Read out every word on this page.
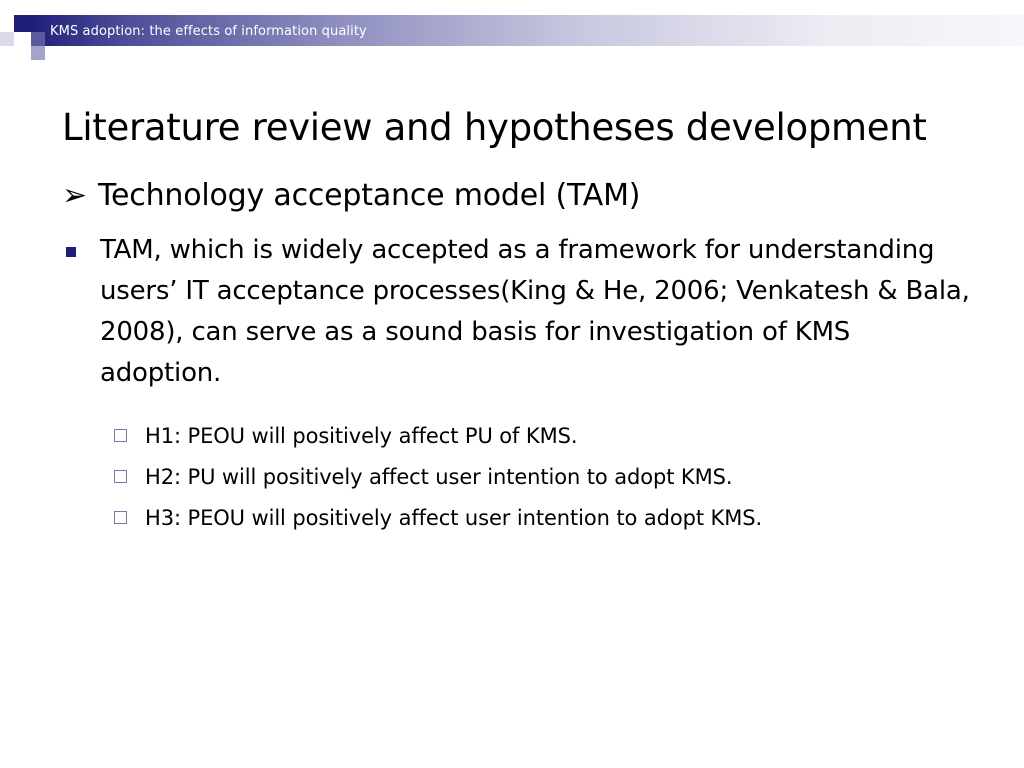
KMS adoption: the effects of information quality
Literature review and hypotheses development
➢ Technology acceptance model (TAM)
TAM, which is widely accepted as a framework for understanding users’ IT acceptance processes(King & He, 2006; Venkatesh & Bala, 2008), can serve as a sound basis for investigation of KMS adoption.
H1: PEOU will positively affect PU of KMS.
H2: PU will positively affect user intention to adopt KMS.
H3: PEOU will positively affect user intention to adopt KMS.
